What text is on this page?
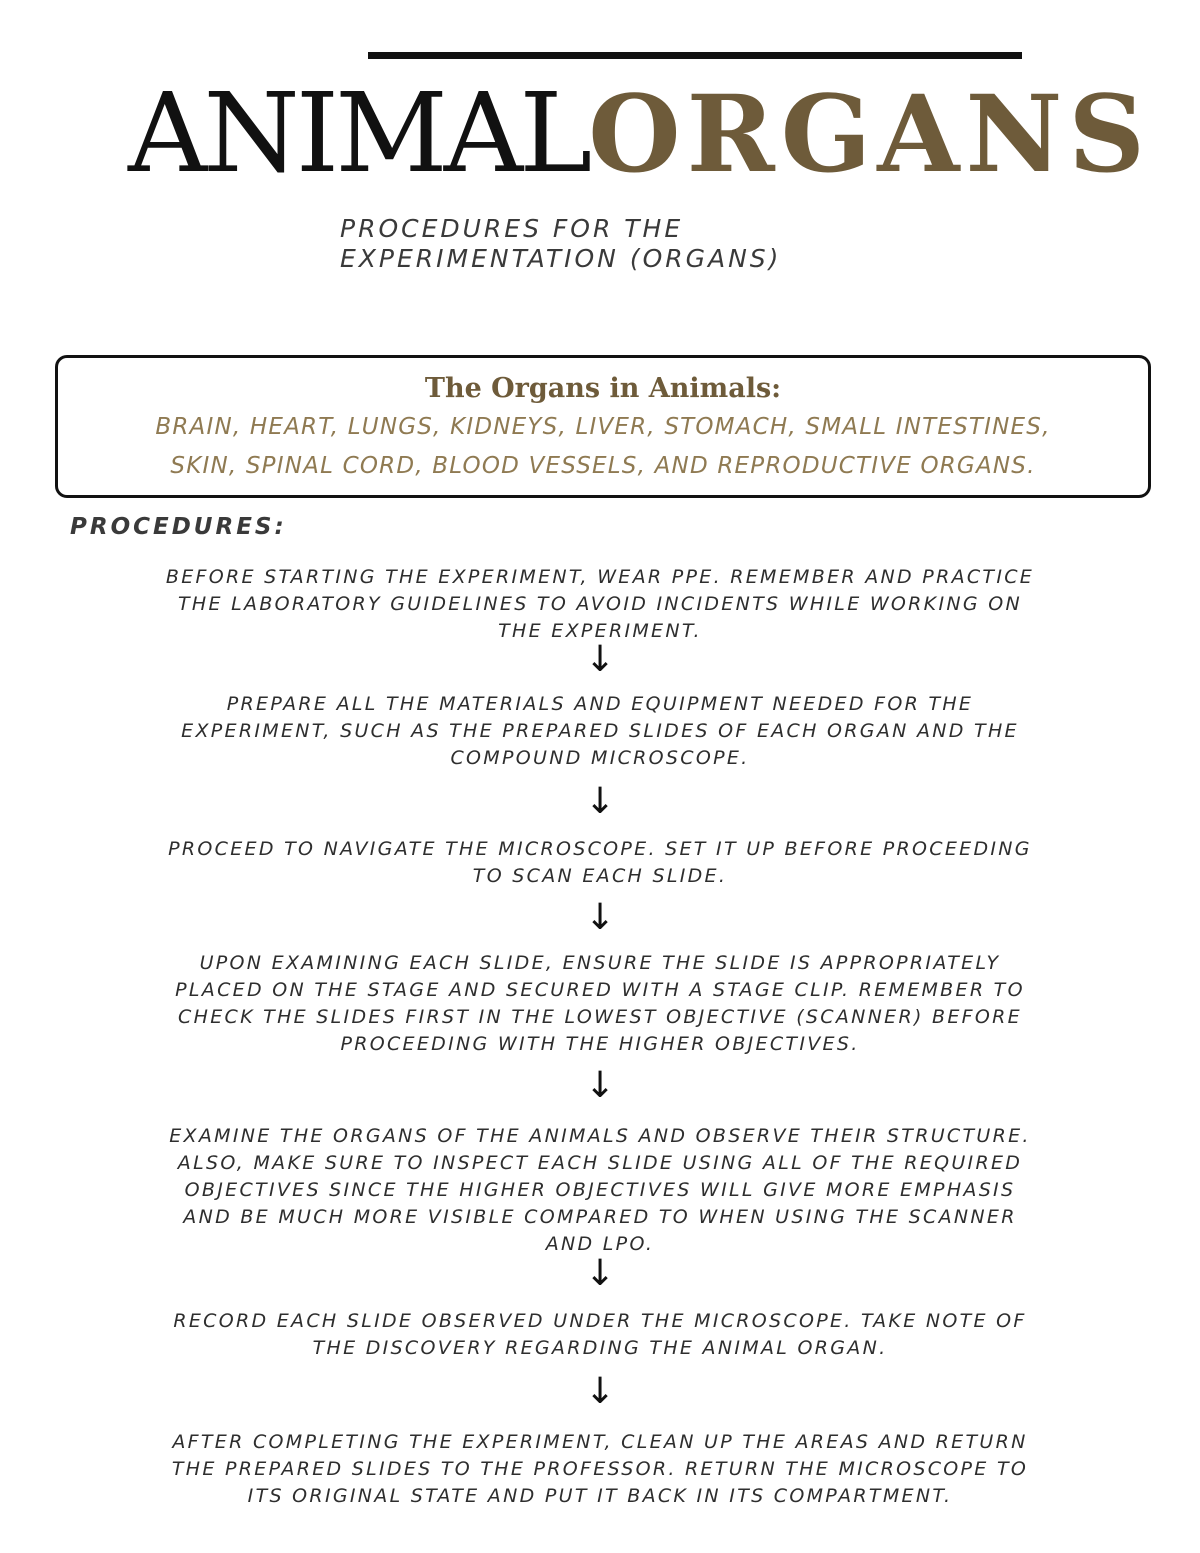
ANIMALORGANS
PROCEDURES FOR THE
EXPERIMENTATION (ORGANS)
The Organs in Animals:
BRAIN, HEART, LUNGS, KIDNEYS, LIVER, STOMACH, SMALL INTESTINES,
SKIN, SPINAL CORD, BLOOD VESSELS, AND REPRODUCTIVE ORGANS.
PROCEDURES:
BEFORE STARTING THE EXPERIMENT, WEAR PPE. REMEMBER AND PRACTICE
THE LABORATORY GUIDELINES TO AVOID INCIDENTS WHILE WORKING ON
THE EXPERIMENT.
↓
PREPARE ALL THE MATERIALS AND EQUIPMENT NEEDED FOR THE
EXPERIMENT, SUCH AS THE PREPARED SLIDES OF EACH ORGAN AND THE
COMPOUND MICROSCOPE.
↓
PROCEED TO NAVIGATE THE MICROSCOPE. SET IT UP BEFORE PROCEEDING
TO SCAN EACH SLIDE.
↓
UPON EXAMINING EACH SLIDE, ENSURE THE SLIDE IS APPROPRIATELY
PLACED ON THE STAGE AND SECURED WITH A STAGE CLIP. REMEMBER TO
CHECK THE SLIDES FIRST IN THE LOWEST OBJECTIVE (SCANNER) BEFORE
PROCEEDING WITH THE HIGHER OBJECTIVES.
↓
EXAMINE THE ORGANS OF THE ANIMALS AND OBSERVE THEIR STRUCTURE.
ALSO, MAKE SURE TO INSPECT EACH SLIDE USING ALL OF THE REQUIRED
OBJECTIVES SINCE THE HIGHER OBJECTIVES WILL GIVE MORE EMPHASIS
AND BE MUCH MORE VISIBLE COMPARED TO WHEN USING THE SCANNER
AND LPO.
↓
RECORD EACH SLIDE OBSERVED UNDER THE MICROSCOPE. TAKE NOTE OF
THE DISCOVERY REGARDING THE ANIMAL ORGAN.
↓
AFTER COMPLETING THE EXPERIMENT, CLEAN UP THE AREAS AND RETURN
THE PREPARED SLIDES TO THE PROFESSOR. RETURN THE MICROSCOPE TO
ITS ORIGINAL STATE AND PUT IT BACK IN ITS COMPARTMENT.
